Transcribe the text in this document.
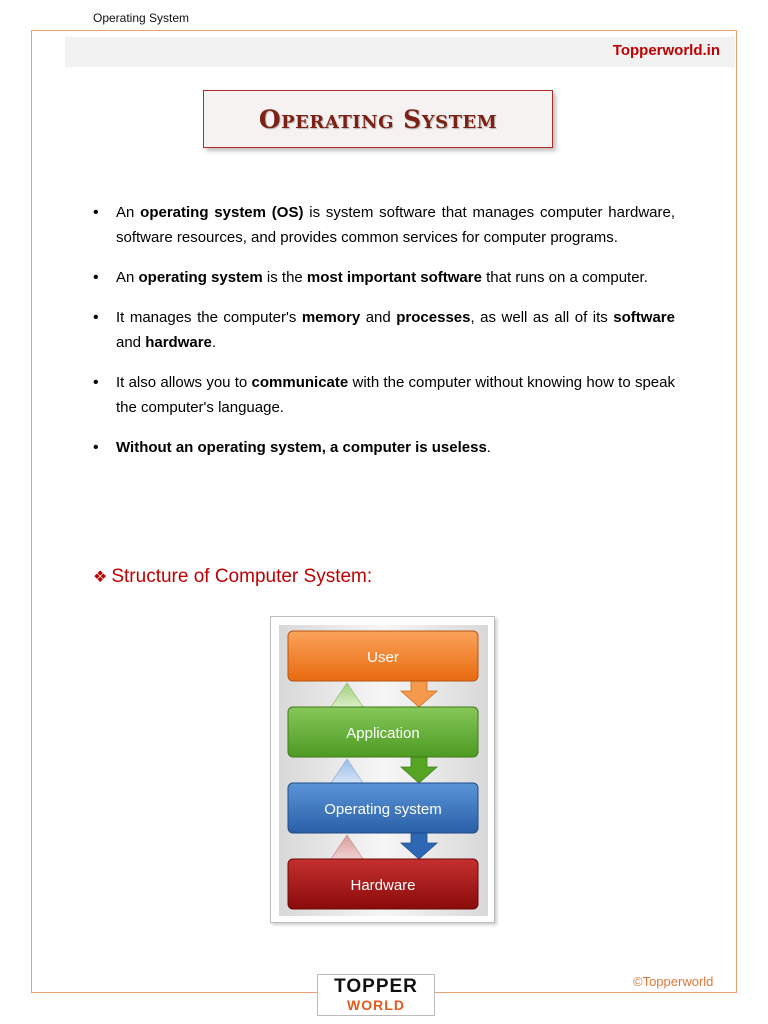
Operating System
Topperworld.in
Operating System
• An operating system (OS) is system software that manages computer hardware, software resources, and provides common services for computer programs.
• An operating system is the most important software that runs on a computer.
• It manages the computer's memory and processes, as well as all of its software and hardware.
• It also allows you to communicate with the computer without knowing how to speak the computer's language.
• Without an operating system, a computer is useless.
❖ Structure of Computer System:
User
Application
Operating system
Hardware
TOPPER
WORLD
©Topperworld
